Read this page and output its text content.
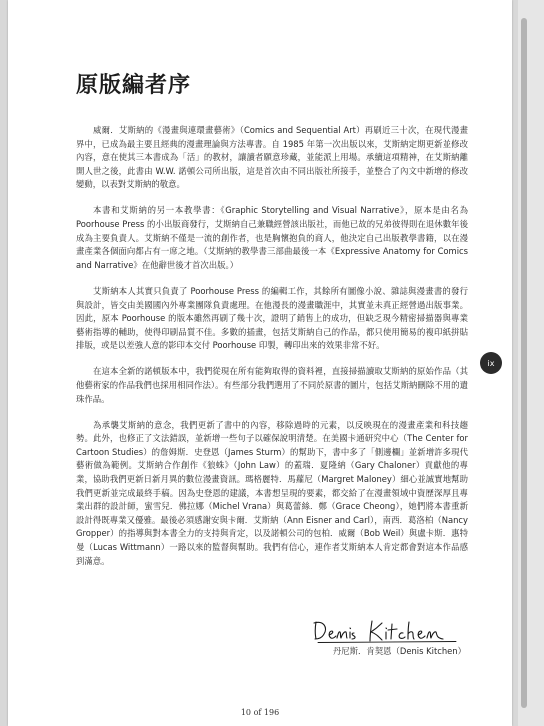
原版編者序

威爾．艾斯納的《漫畫與連環畫藝術》（Comics and Sequential Art）再刷近三十次，在現代漫畫界中，已成為最主要且經典的漫畫理論與方法專書。自 1985 年第一次出版以來，艾斯納定期更新並修改內容，意在使其三本書成為「活」的教材，讓讀者願意珍藏，並能派上用場。承續這項精神，在艾斯納離開人世之後，此書由 W.W. 諾頓公司所出版，這是首次由不同出版社所接手，並整合了內文中新增的修改變動，以表對艾斯納的敬意。

本書和艾斯納的另一本教學書：《Graphic Storytelling and Visual Narrative》，原本是由名為 Poorhouse Press 的小出版商發行，艾斯納自己兼職經營該出版社，而他已故的兄弟彼得則在退休數年後成為主要負責人。艾斯納不僅是一流的創作者，也是胸懷抱負的商人，他決定自己出版教學書籍，以在漫畫產業各個面向都占有一席之地。（艾斯納的教學書三部曲最後一本《Expressive Anatomy for Comics and Narrative》在他辭世後才首次出版。）

艾斯納本人其實只負責了 Poorhouse Press 的編輯工作，其餘所有圖像小說、雜誌與漫畫書的發行與設計，皆交由美國國內外專業團隊負責處理。在他漫長的漫畫職涯中，其實並未真正經營過出版事業。因此，原本 Poorhouse 的版本雖然再刷了幾十次，證明了銷售上的成功，但缺乏現今精密掃描器與專業藝術指導的輔助，使得印刷品質不佳。多數的插畫，包括艾斯納自己的作品，都只使用簡易的複印紙拼貼排版，或是以差強人意的影印本交付 Poorhouse 印製，轉印出來的效果非常不好。

在這本全新的諾頓版本中，我們從現在所有能夠取得的資料裡，直接掃描讀取艾斯納的原始作品（其他藝術家的作品我們也採用相同作法）。有些部分我們選用了不同於原書的圖片，包括艾斯納刪除不用的遺珠作品。

為承襲艾斯納的意念，我們更新了書中的內容，移除過時的元素，以反映現在的漫畫產業和科技趨勢。此外，也修正了文法錯誤，並新增一些句子以確保說明清楚。在美國卡通研究中心（The Center for Cartoon Studies）的詹姆斯．史登恩（James Sturm）的幫助下，書中多了「側邊欄」並新增許多現代藝術做為範例。艾斯納合作創作《狼蛛》（John Law）的蓋瑞．夏隆納（Gary Chaloner）貢獻他的專業，協助我們更新日新月異的數位漫畫資訊。瑪格麗特．馬蘿尼（Margret Maloney）細心並誠實地幫助我們更新並完成最終手稿。因為史登恩的建議，本書想呈現的要素，都交給了在漫畫領域中資歷深厚且專業出群的設計師，蜜雪兒．佛拉娜（Michel Vrana）與葛蕾絲．鄭（Grace Cheong），她們將本書重新設計得既專業又優雅。最後必須感謝安與卡爾．艾斯納（Ann Eisner and Carl），南西．葛洛柏（Nancy Gropper）的指導與對本書全力的支持與肯定，以及諾頓公司的包柏．威爾（Bob Weil）與盧卡斯．惠特曼（Lucas Wittmann）一路以來的監督與幫助。我們有信心，連作者艾斯納本人肯定都會對這本作品感到滿意。

丹尼斯．肯契恩（Denis Kitchen）

10 of 196

ix
